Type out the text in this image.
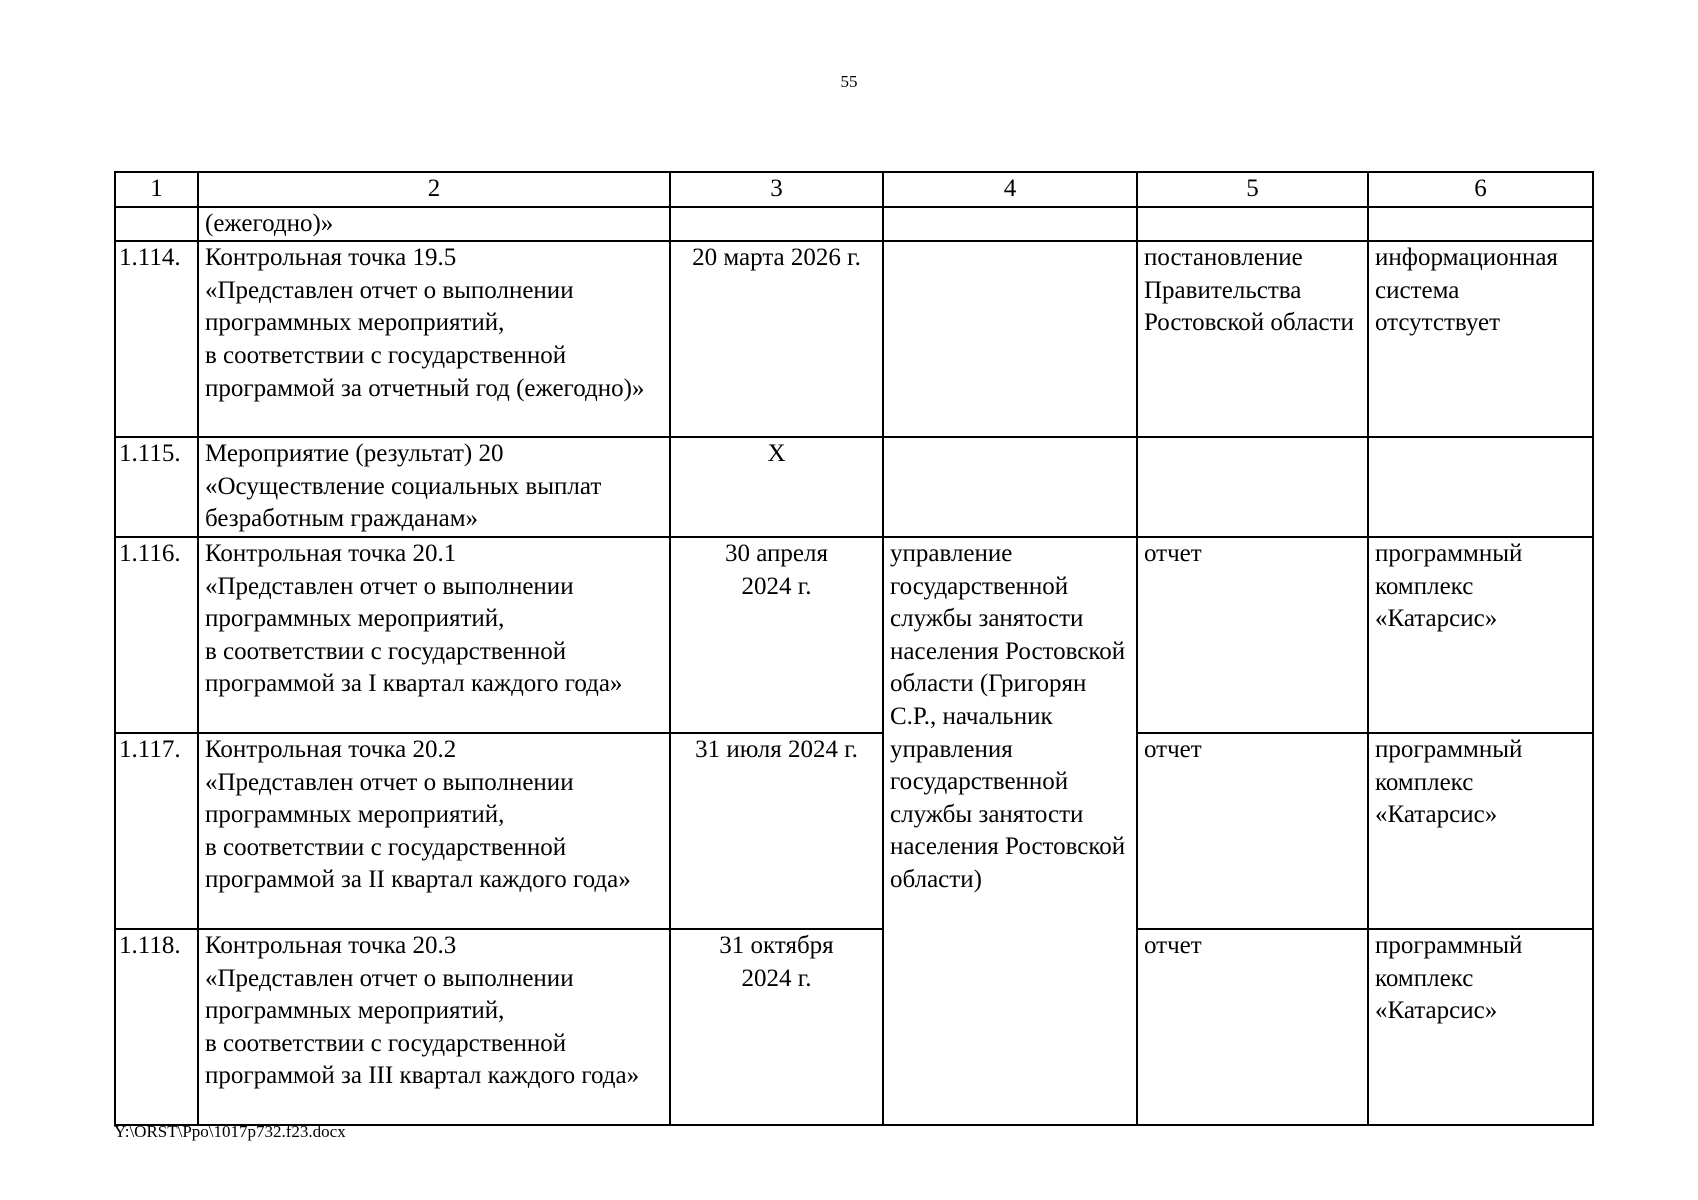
55
1	2	3	4	5	6
	(ежегодно)»				
1.114.	Контрольная точка 19.5
«Представлен отчет о выполнении программных мероприятий,
в соответствии с государственной программой за отчетный год (ежегодно)»	20 марта 2026 г.		постановление Правительства Ростовской области	информационная система отсутствует
1.115.	Мероприятие (результат) 20
«Осуществление социальных выплат безработным гражданам»	Х			
1.116.	Контрольная точка 20.1
«Представлен отчет о выполнении программных мероприятий,
в соответствии с государственной программой за I квартал каждого года»	30 апреля
2024 г.	управление государственной службы занятости населения Ростовской области (Григорян С.Р., начальник управления государственной службы занятости населения Ростовской области)	отчет	программный комплекс «Катарсис»
1.117.	Контрольная точка 20.2
«Представлен отчет о выполнении программных мероприятий,
в соответствии с государственной программой за II квартал каждого года»	31 июля 2024 г.		отчет	программный комплекс «Катарсис»
1.118.	Контрольная точка 20.3
«Представлен отчет о выполнении программных мероприятий,
в соответствии с государственной программой за III квартал каждого года»	31 октября
2024 г.		отчет	программный комплекс «Катарсис»
Y:\ORST\Ppo\1017p732.f23.docx
